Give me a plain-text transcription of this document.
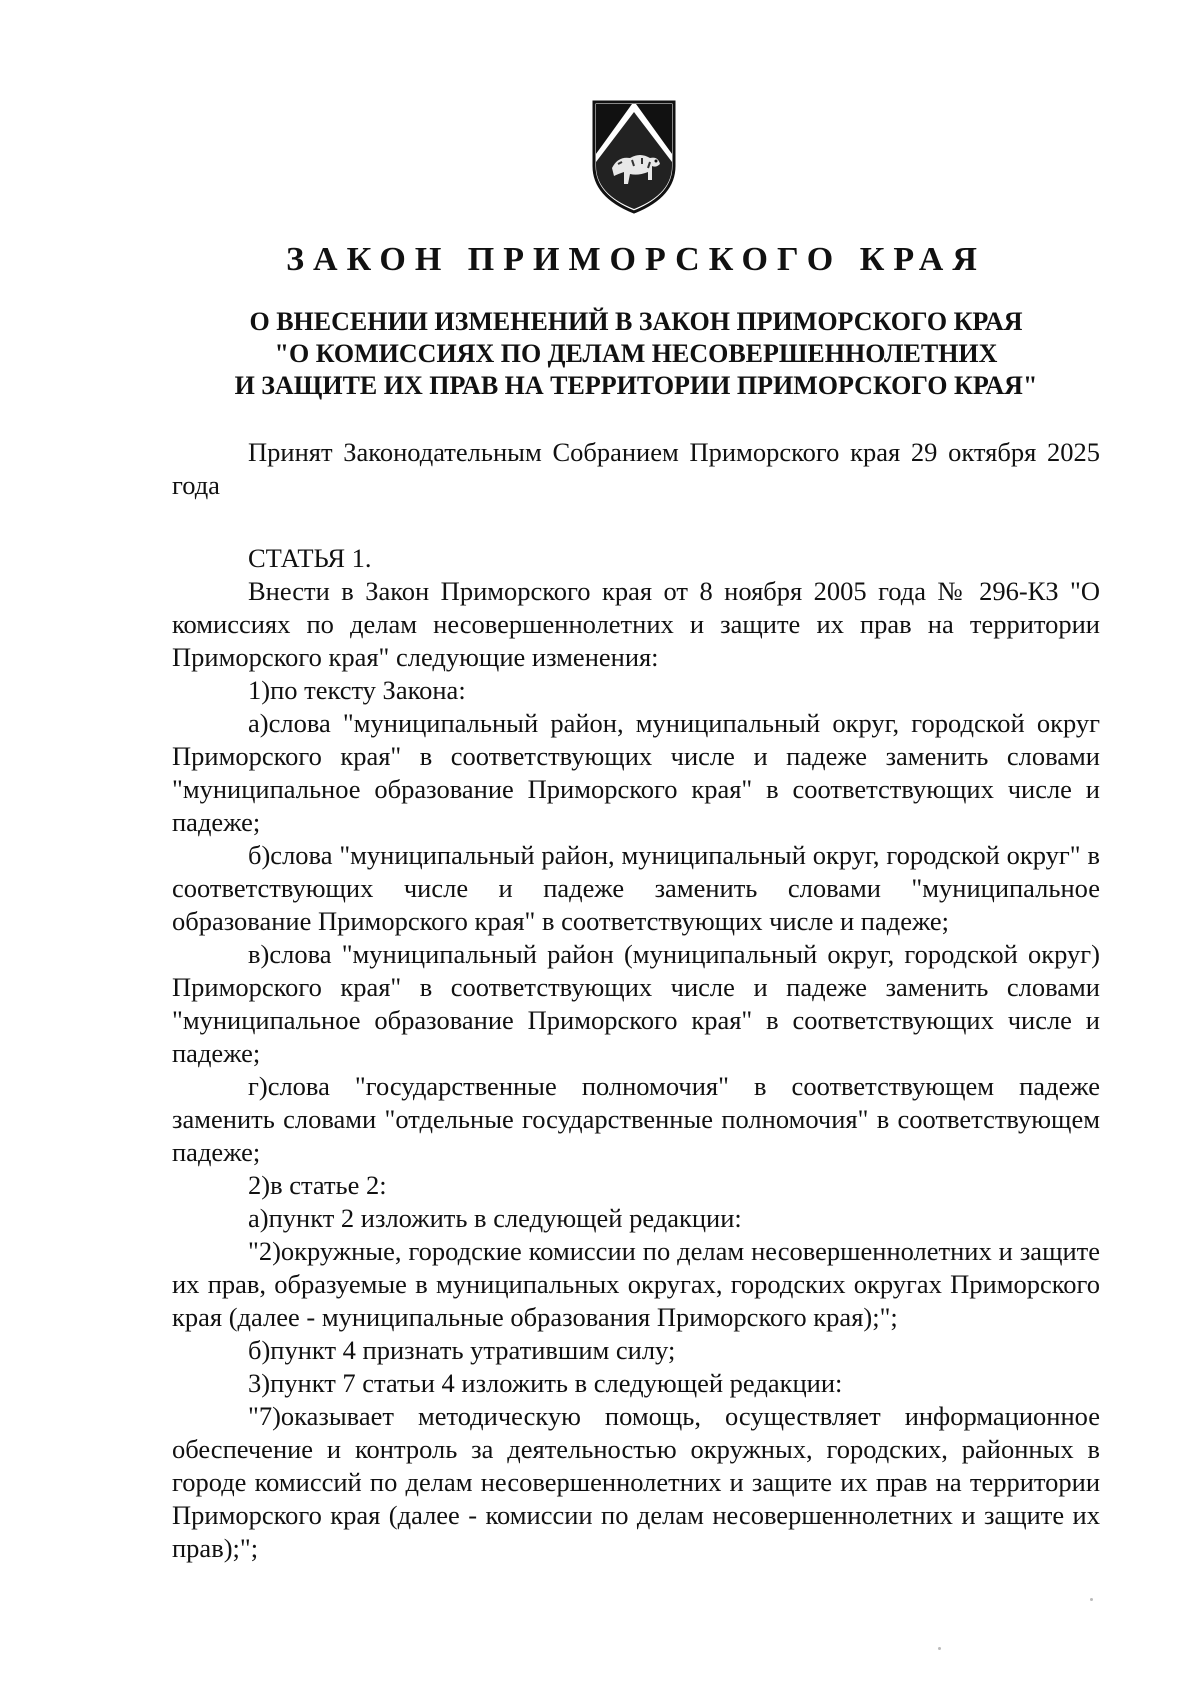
ЗАКОН ПРИМОРСКОГО КРАЯ
О ВНЕСЕНИИ ИЗМЕНЕНИЙ В ЗАКОН ПРИМОРСКОГО КРАЯ
"О КОМИССИЯХ ПО ДЕЛАМ НЕСОВЕРШЕННОЛЕТНИХ
И ЗАЩИТЕ ИХ ПРАВ НА ТЕРРИТОРИИ ПРИМОРСКОГО КРАЯ"

Принят Законодательным Собранием Приморского края 29 октября 2025 года

СТАТЬЯ 1.

Внести в Закон Приморского края от 8 ноября 2005 года № 296-КЗ "О комиссиях по делам несовершеннолетних и защите их прав на территории Приморского края" следующие изменения:

1)по тексту Закона:

а)слова "муниципальный район, муниципальный округ, городской округ Приморского края" в соответствующих числе и падеже заменить словами "муниципальное образование Приморского края" в соответствующих числе и падеже;

б)слова "муниципальный район, муниципальный округ, городской округ" в соответствующих числе и падеже заменить словами "муниципальное образование Приморского края" в соответствующих числе и падеже;

в)слова "муниципальный район (муниципальный округ, городской округ) Приморского края" в соответствующих числе и падеже заменить словами "муниципальное образование Приморского края" в соответствующих числе и падеже;

г)слова "государственные полномочия" в соответствующем падеже заменить словами "отдельные государственные полномочия" в соответствующем падеже;

2)в статье 2:

а)пункт 2 изложить в следующей редакции:

"2)окружные, городские комиссии по делам несовершеннолетних и защите их прав, образуемые в муниципальных округах, городских округах Приморского края (далее - муниципальные образования Приморского края);";

б)пункт 4 признать утратившим силу;

3)пункт 7 статьи 4 изложить в следующей редакции:

"7)оказывает методическую помощь, осуществляет информационное обеспечение и контроль за деятельностью окружных, городских, районных в городе комиссий по делам несовершеннолетних и защите их прав на территории Приморского края (далее - комиссии по делам несовершеннолетних и защите их прав);";
